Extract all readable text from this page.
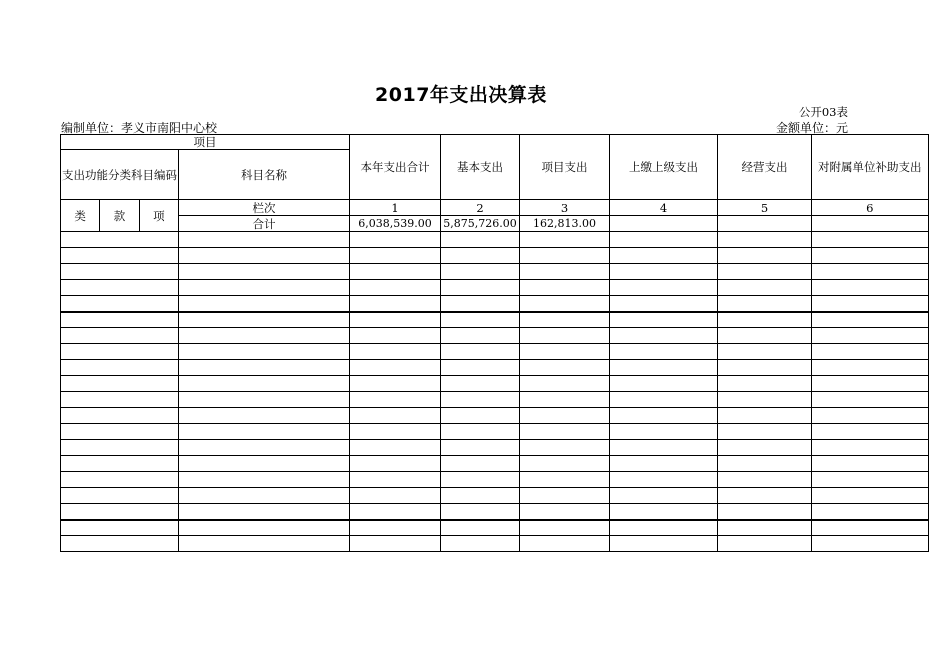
2017年支出决算表
公开03表
编制单位：孝义市南阳中心校	金额单位：元
项目				本年支出合计	基本支出	项目支出	上缴上级支出	经营支出	对附属单位补助支出
支出功能分类科目编码			科目名称						
类	款	项	栏次	1	2	3	4	5	6
			合计	6,038,539.00	5,875,726.00	162,813.00			
